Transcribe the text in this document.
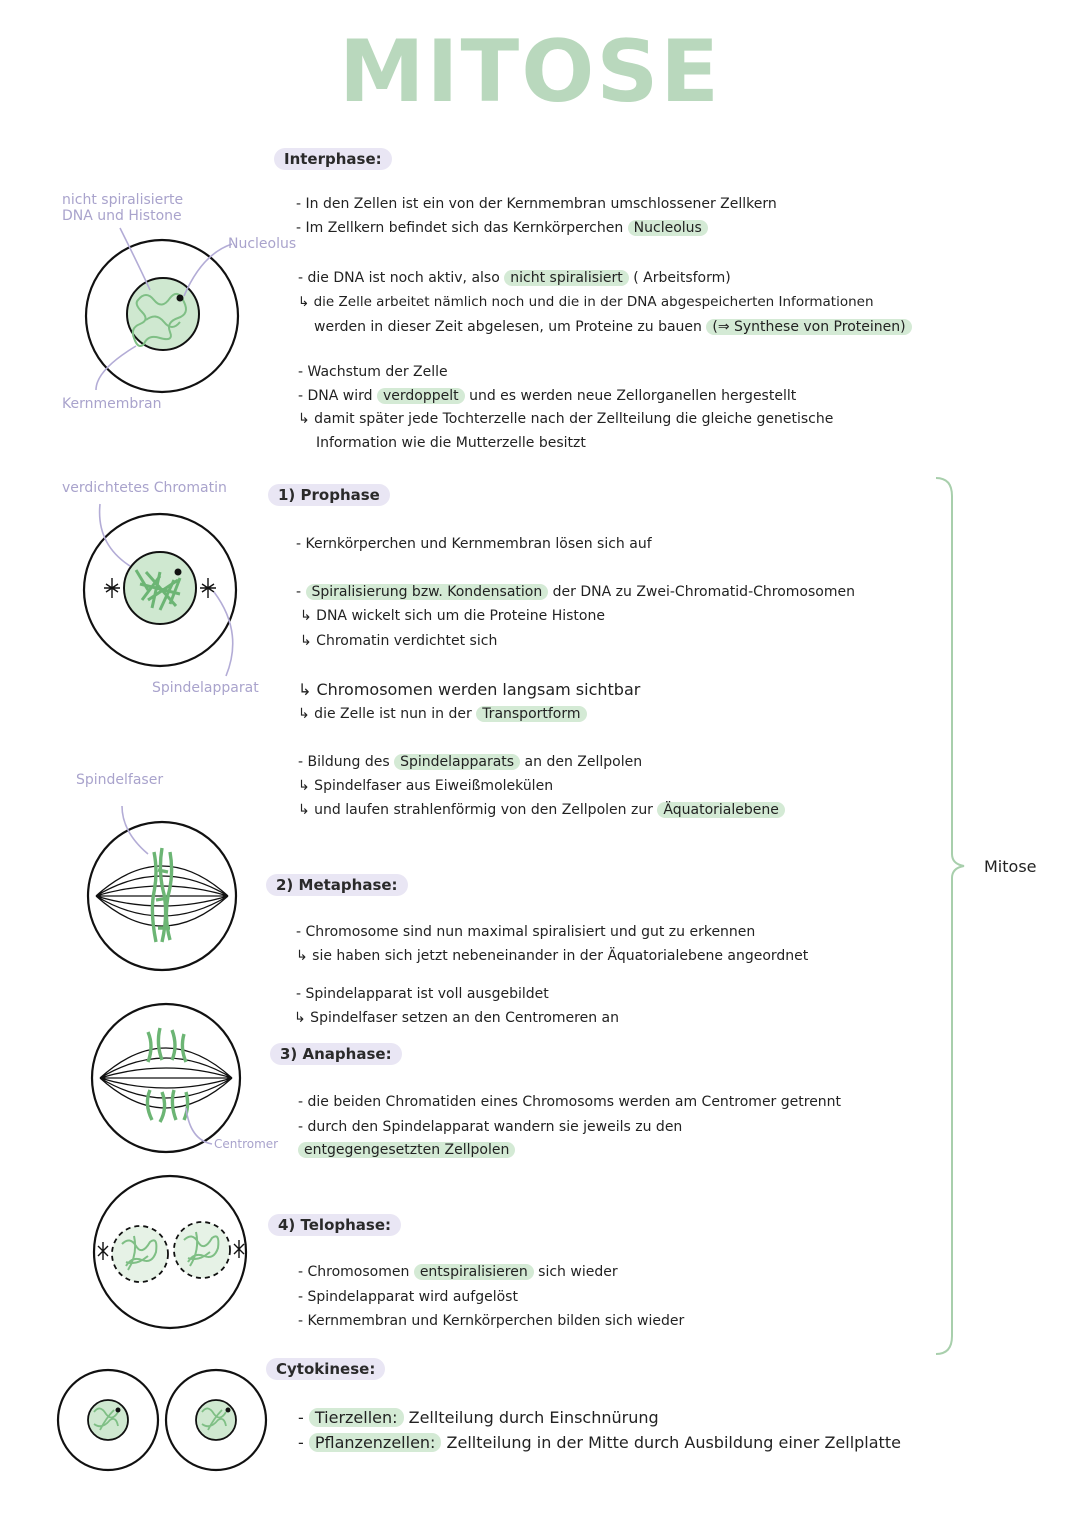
MITOSE
nicht spiralisierte
DNA und Histone
Nucleolus
Kernmembran
verdichtetes Chromatin
Spindelapparat
Spindelfaser
Centromer
Mitose
Interphase:
- In den Zellen ist ein von der Kernmembran umschlossener Zellkern
- Im Zellkern befindet sich das Kernkörperchen Nucleolus
- die DNA ist noch aktiv, also nicht spiralisiert ( Arbeitsform)
↳ die Zelle arbeitet nämlich noch und die in der DNA abgespeicherten Informationen
werden in dieser Zeit abgelesen, um Proteine zu bauen (⇒ Synthese von Proteinen)
- Wachstum der Zelle
- DNA wird verdoppelt und es werden neue Zellorganellen hergestellt
↳ damit später jede Tochterzelle nach der Zellteilung die gleiche genetische
Information wie die Mutterzelle besitzt
1) Prophase
- Kernkörperchen und Kernmembran lösen sich auf
- Spiralisierung bzw. Kondensation der DNA zu Zwei-Chromatid-Chromosomen
↳ DNA wickelt sich um die Proteine Histone
↳ Chromatin verdichtet sich
↳ Chromosomen werden langsam sichtbar
↳ die Zelle ist nun in der Transportform
- Bildung des Spindelapparats an den Zellpolen
↳ Spindelfaser aus Eiweißmolekülen
↳ und laufen strahlenförmig von den Zellpolen zur Äquatorialebene
2) Metaphase:
- Chromosome sind nun maximal spiralisiert und gut zu erkennen
↳ sie haben sich jetzt nebeneinander in der Äquatorialebene angeordnet
- Spindelapparat ist voll ausgebildet
↳ Spindelfaser setzen an den Centromeren an
3) Anaphase:
- die beiden Chromatiden eines Chromosoms werden am Centromer getrennt
- durch den Spindelapparat wandern sie jeweils zu den
entgegengesetzten Zellpolen
4) Telophase:
- Chromosomen entspiralisieren sich wieder
- Spindelapparat wird aufgelöst
- Kernmembran und Kernkörperchen bilden sich wieder
Cytokinese:
- Tierzellen: Zellteilung durch Einschnürung
- Pflanzenzellen: Zellteilung in der Mitte durch Ausbildung einer Zellplatte
